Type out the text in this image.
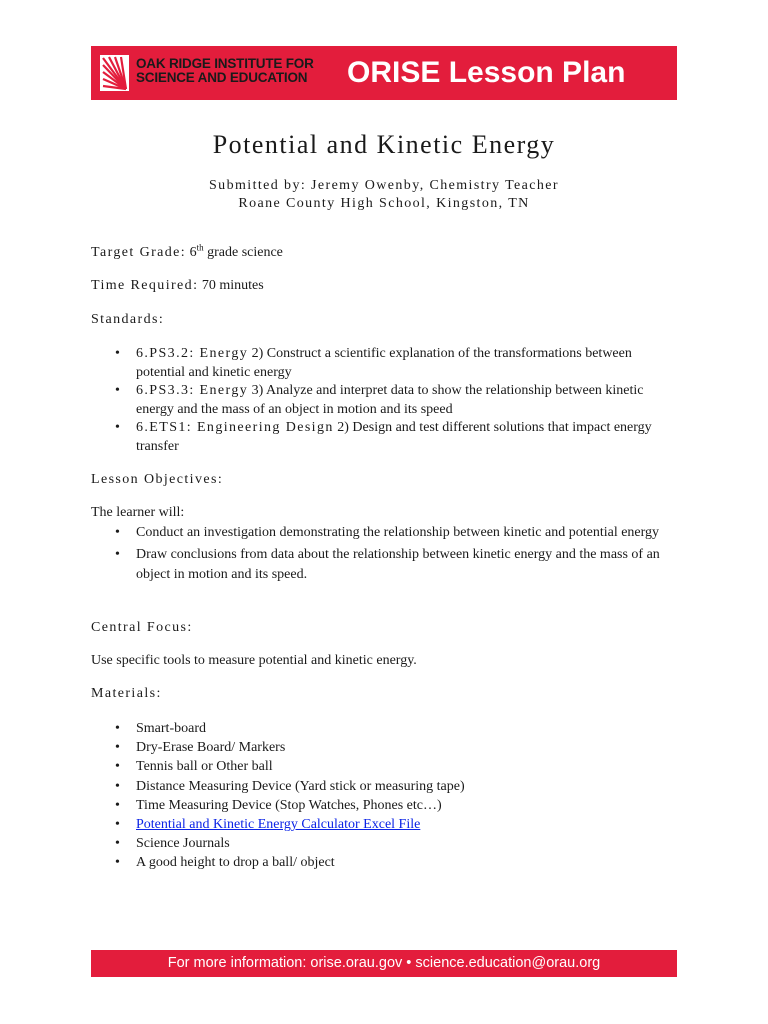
OAK RIDGE INSTITUTE FOR
SCIENCE AND EDUCATION ORISE Lesson Plan
Potential and Kinetic Energy
Submitted by: Jeremy Owenby, Chemistry Teacher
Roane County High School, Kingston, TN
Target Grade: 6th grade science
Time Required: 70 minutes
Standards:
• 6.PS3.2: Energy 2) Construct a scientific explanation of the transformations between potential and kinetic energy
• 6.PS3.3: Energy 3) Analyze and interpret data to show the relationship between kinetic energy and the mass of an object in motion and its speed
• 6.ETS1: Engineering Design 2) Design and test different solutions that impact energy transfer
Lesson Objectives:
The learner will:
• Conduct an investigation demonstrating the relationship between kinetic and potential energy
• Draw conclusions from data about the relationship between kinetic energy and the mass of an object in motion and its speed.
Central Focus:
Use specific tools to measure potential and kinetic energy.
Materials:
• Smart-board
• Dry-Erase Board/ Markers
• Tennis ball or Other ball
• Distance Measuring Device (Yard stick or measuring tape)
• Time Measuring Device (Stop Watches, Phones etc…)
• Potential and Kinetic Energy Calculator Excel File
• Science Journals
• A good height to drop a ball/ object
For more information: orise.orau.gov • science.education@orau.org
